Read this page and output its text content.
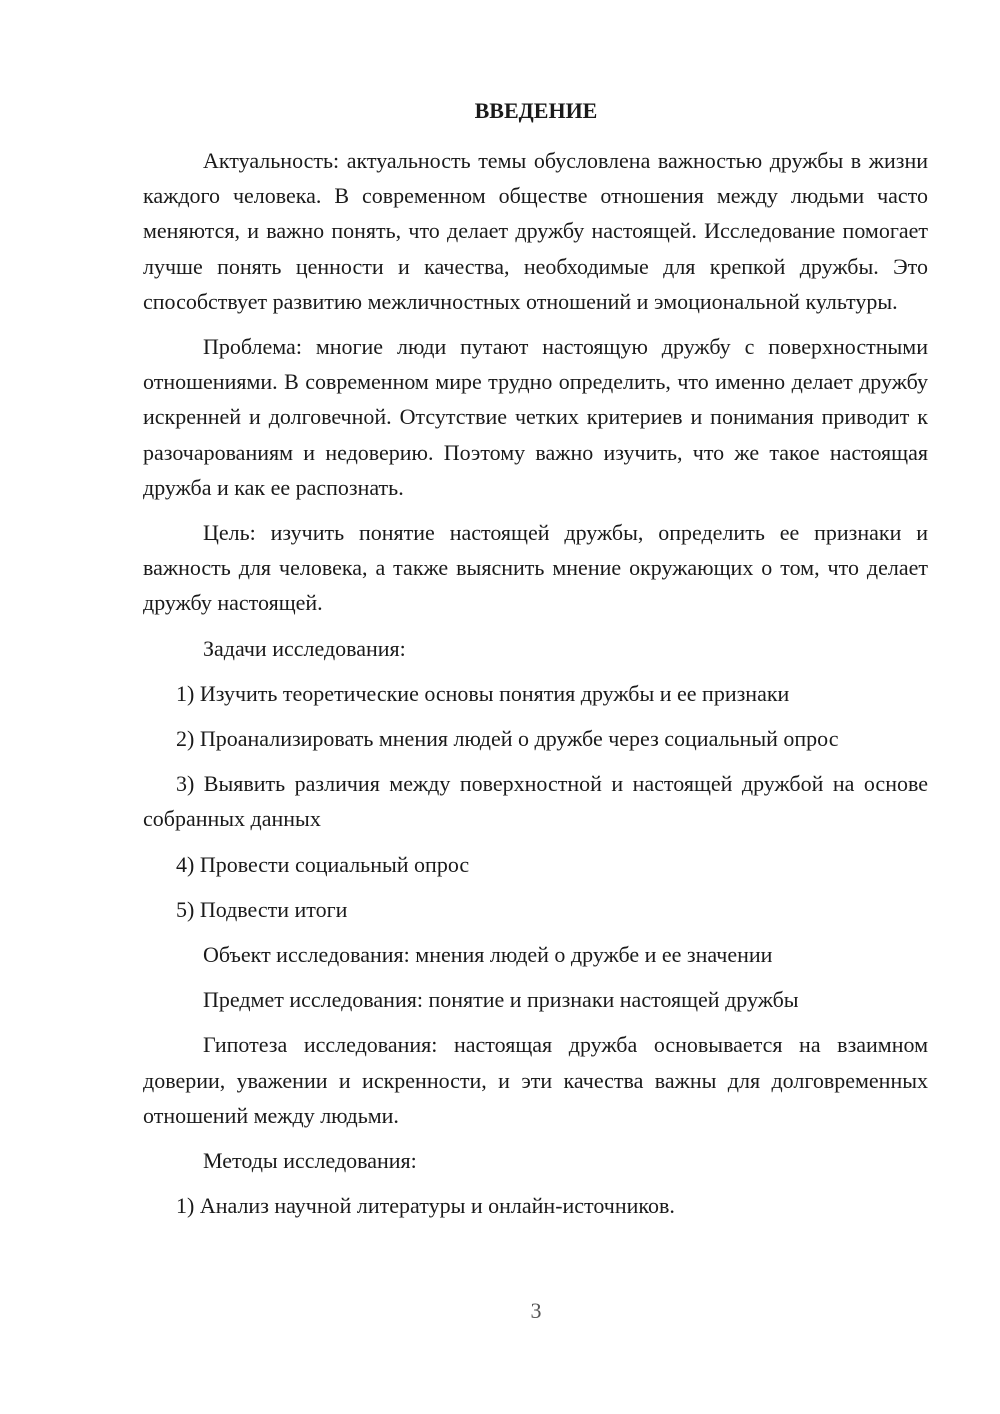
ВВЕДЕНИЕ

Актуальность: актуальность темы обусловлена важностью дружбы в жизни каждого человека. В современном обществе отношения между людьми часто меняются, и важно понять, что делает дружбу настоящей. Исследование помогает лучше понять ценности и качества, необходимые для крепкой дружбы. Это способствует развитию межличностных отношений и эмоциональной культуры.

Проблема: многие люди путают настоящую дружбу с поверхностными отношениями. В современном мире трудно определить, что именно делает дружбу искренней и долговечной. Отсутствие четких критериев и понимания приводит к разочарованиям и недоверию. Поэтому важно изучить, что же такое настоящая дружба и как ее распознать.

Цель: изучить понятие настоящей дружбы, определить ее признаки и важность для человека, а также выяснить мнение окружающих о том, что делает дружбу настоящей.

Задачи исследования:

1) Изучить теоретические основы понятия дружбы и ее признаки

2) Проанализировать мнения людей о дружбе через социальный опрос

3) Выявить различия между поверхностной и настоящей дружбой на основе собранных данных

4) Провести социальный опрос

5) Подвести итоги

Объект исследования: мнения людей о дружбе и ее значении

Предмет исследования: понятие и признаки настоящей дружбы

Гипотеза исследования: настоящая дружба основывается на взаимном доверии, уважении и искренности, и эти качества важны для долговременных отношений между людьми.

Методы исследования:

1) Анализ научной литературы и онлайн-источников.

3
